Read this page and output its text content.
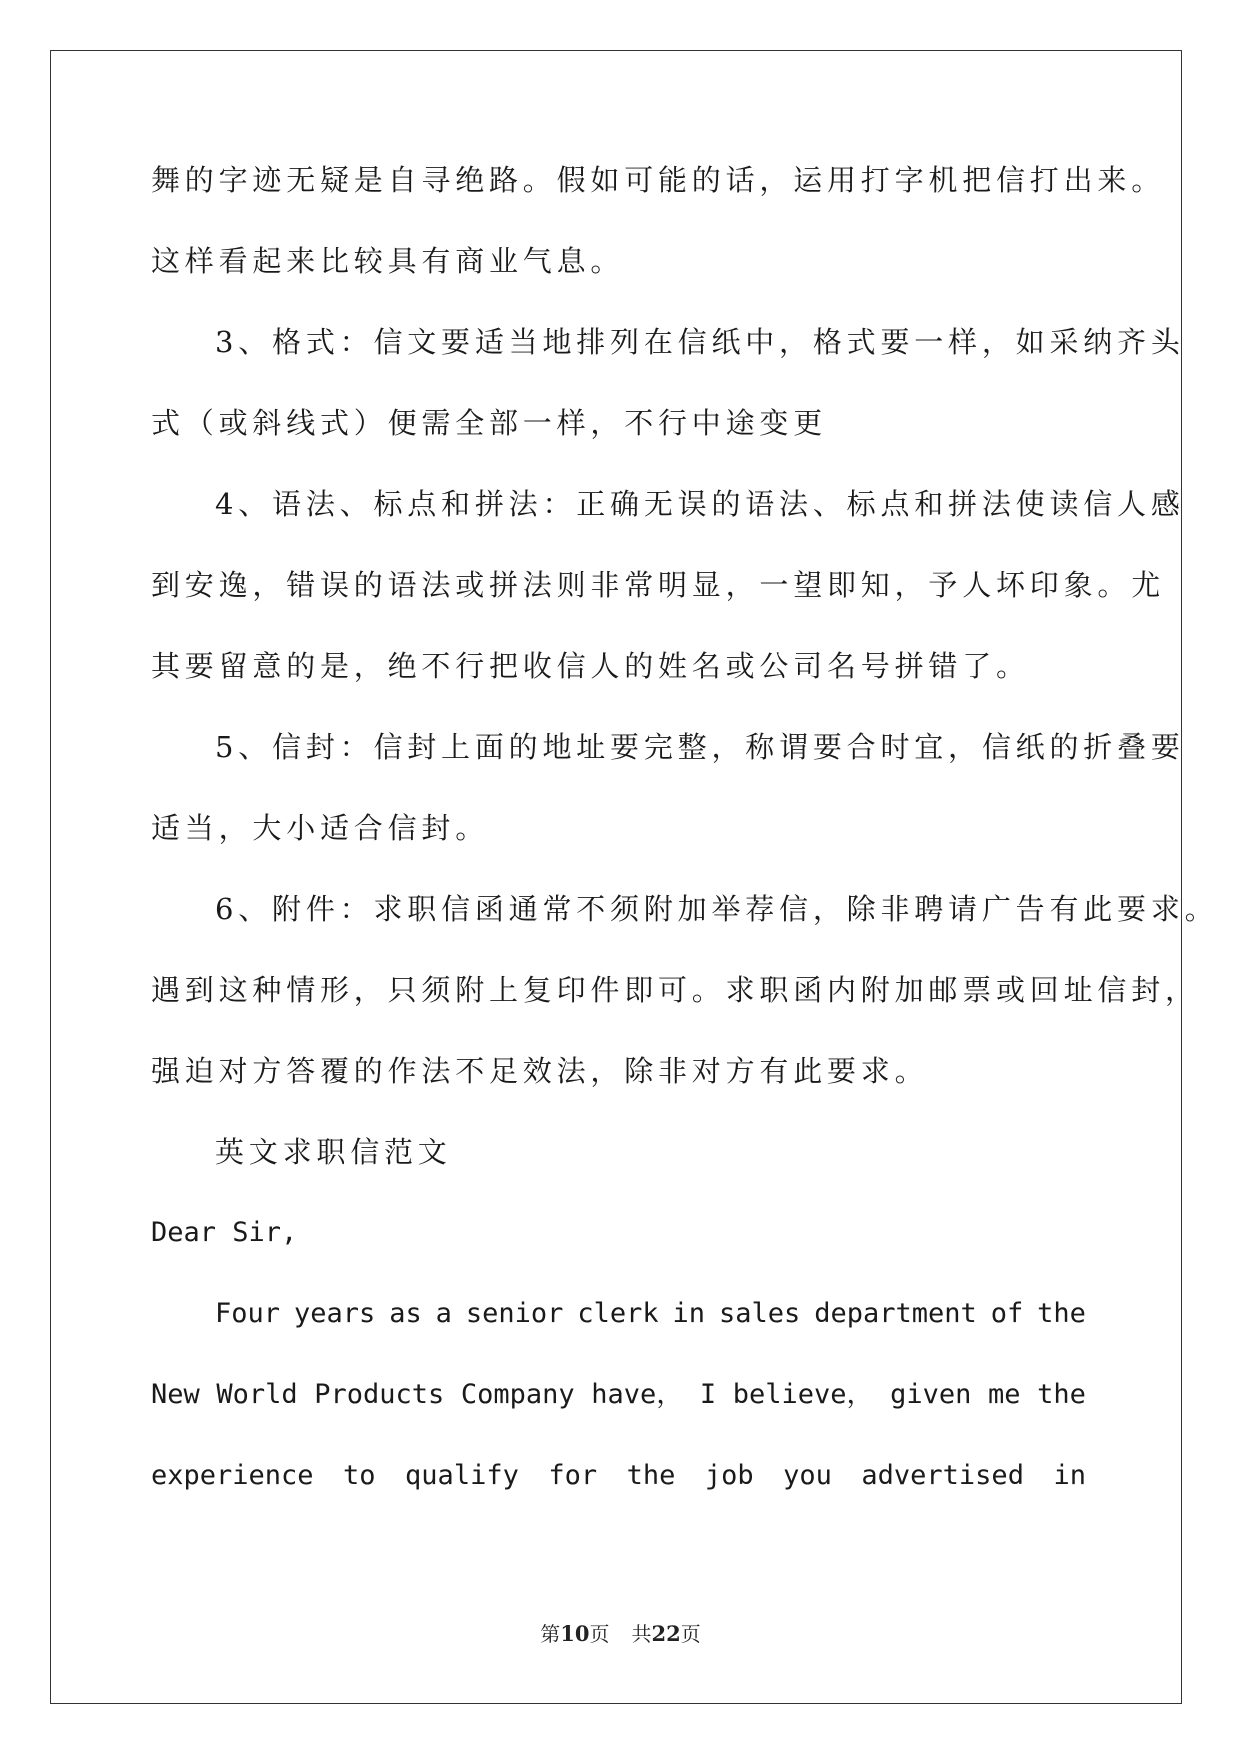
舞的字迹无疑是自寻绝路。假如可能的话，运用打字机把信打出来。
这样看起来比较具有商业气息。
3、格式：信文要适当地排列在信纸中，格式要一样，如采纳齐头
式（或斜线式）便需全部一样，不行中途变更
4、语法、标点和拼法：正确无误的语法、标点和拼法使读信人感
到安逸，错误的语法或拼法则非常明显，一望即知，予人坏印象。尤
其要留意的是，绝不行把收信人的姓名或公司名号拼错了。
5、信封：信封上面的地址要完整，称谓要合时宜，信纸的折叠要
适当，大小适合信封。
6、附件：求职信函通常不须附加举荐信，除非聘请广告有此要求。
遇到这种情形，只须附上复印件即可。求职函内附加邮票或回址信封，
强迫对方答覆的作法不足效法，除非对方有此要求。
英文求职信范文
Dear Sir,
Four years as a senior clerk in sales department of the
New World Products Company have， I believe， given me the
experience to qualify for the job you advertised in
第10页 共22页
